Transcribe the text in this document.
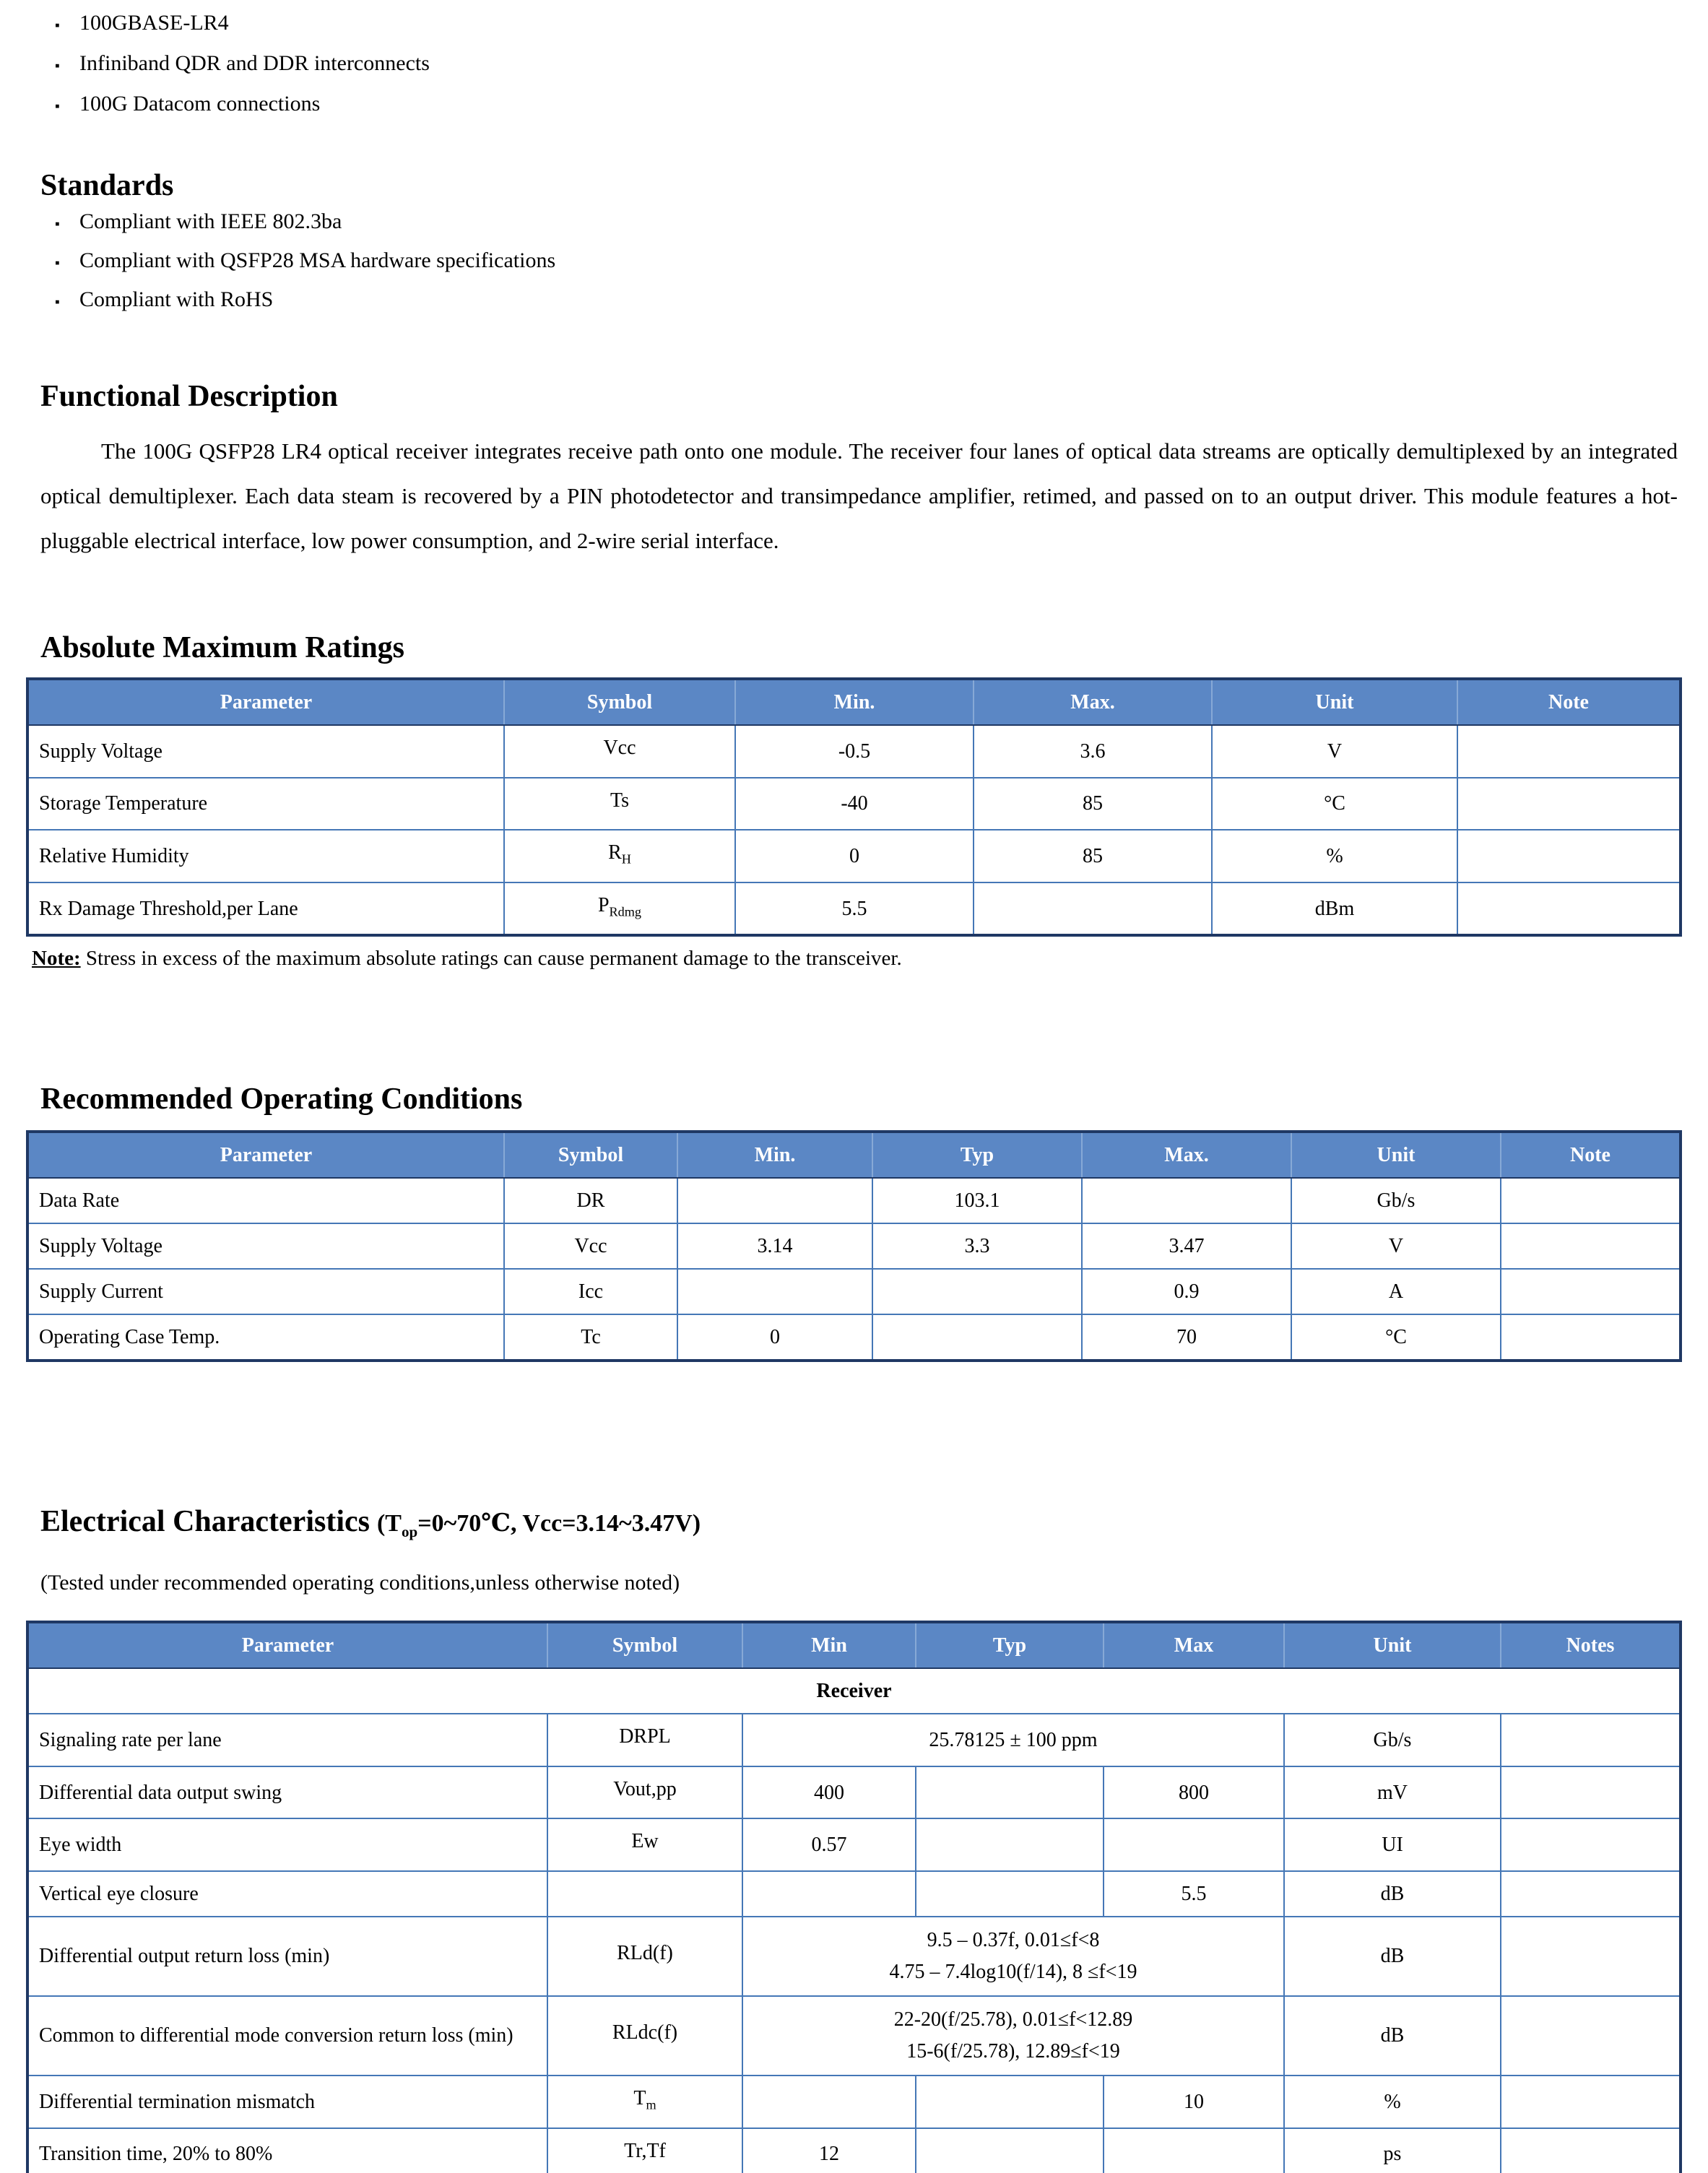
▪ 100GBASE-LR4
▪ Infiniband QDR and DDR interconnects
▪ 100G Datacom connections
Standards
▪ Compliant with IEEE 802.3ba
▪ Compliant with QSFP28 MSA hardware specifications
▪ Compliant with RoHS
Functional Description

The 100G QSFP28 LR4 optical receiver integrates receive path onto one module. The receiver four lanes of optical data streams are optically demultiplexed by an integrated optical demultiplexer. Each data steam is recovered by a PIN photodetector and transimpedance amplifier, retimed, and passed on to an output driver. This module features a hot-pluggable electrical interface, low power consumption, and 2-wire serial interface.

Absolute Maximum Ratings
Parameter	Symbol	Min.	Max.	Unit	Note
Supply Voltage	Vcc	-0.5	3.6	V	
Storage Temperature	Ts	-40	85	°C	
Relative Humidity	$R_H$	0	85	%	
Rx Damage Threshold,per Lane	$P_{Rdmg}$	5.5		dBm	

Note: Stress in excess of the maximum absolute ratings can cause permanent damage to the transceiver.

Recommended Operating Conditions
Parameter	Symbol	Min.	Typ	Max.	Unit	Note
Data Rate	DR		103.1		Gb/s	
Supply Voltage	Vcc	3.14	3.3	3.47	V	
Supply Current	Icc			0.9	A	
Operating Case Temp.	Tc	0		70	°C	
Electrical Characteristics ($T_{op}=0\sim 70℃$, Vcc=3.14~3.47V)

(Tested under recommended operating conditions,unless otherwise noted)

Parameter	Symbol	Min	Typ	Max	Unit	Notes
Receiver						
Signaling rate per lane	DRPL	25.78125 ± 100 ppm			Gb/s	
Differential data output swing	Vout,pp	400		800	mV	
Eye width	Ew	0.57			UI	
Vertical eye closure				5.5	dB	
Differential output return loss (min)	RLd(f)	9.5 – 0.37f, 0.01≤f<8
4.75 – 7.4log10(f/14), 8 ≤f<19			dB	
Common to differential mode conversion return loss (min)	RLdc(f)	22-20(f/25.78), 0.01≤f<12.89
15-6(f/25.78), 12.89≤f<19			dB	
Differential termination mismatch	$T_m$			10	%	
Transition time, 20% to 80%	Tr,Tf	12			ps	
